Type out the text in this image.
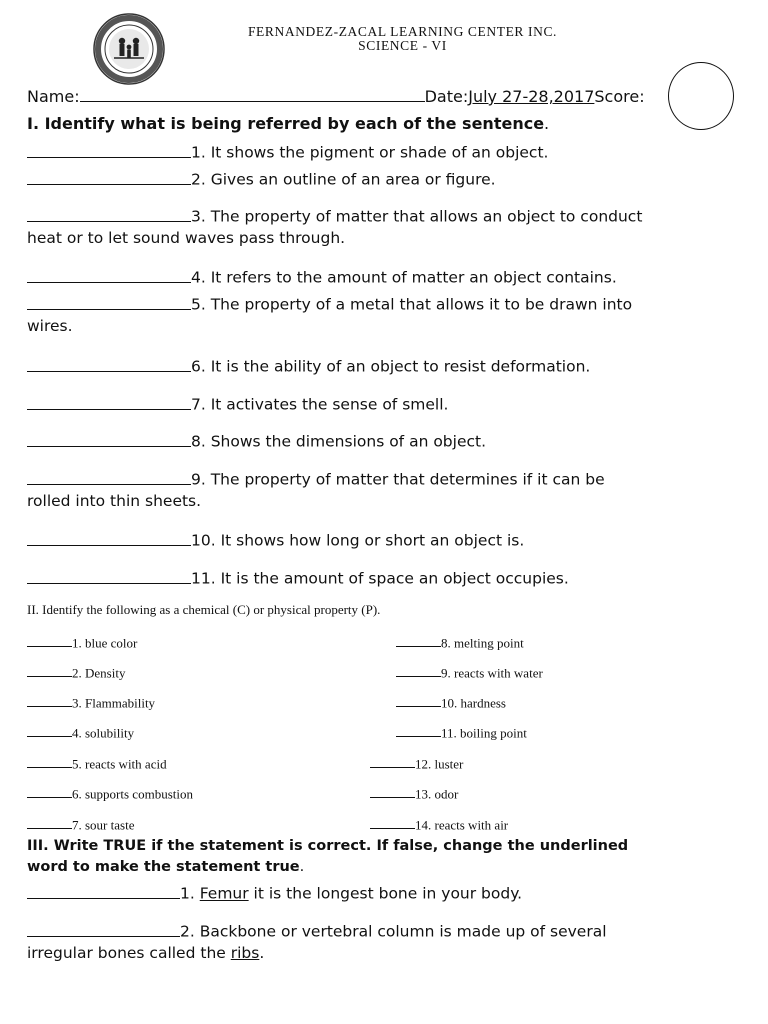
FERNANDEZ-ZACAL LEARNING CENTER INC.
SCIENCE - VI
Name:	Date:July 27-28,2017Score:
I. Identify what is being referred by each of the sentence.
1. It shows the pigment or shade of an object.
2. Gives an outline of an area or figure.
3. The property of matter that allows an object to conduct
heat or to let sound waves pass through.
4. It refers to the amount of matter an object contains.
5. The property of a metal that allows it to be drawn into
wires.
6. It is the ability of an object to resist deformation.
7. It activates the sense of smell.
8. Shows the dimensions of an object.
9. The property of matter that determines if it can be
rolled into thin sheets.
10. It shows how long or short an object is.
11. It is the amount of space an object occupies.
II. Identify the following as a chemical (C) or physical property (P).
1. blue color
2. Density
3. Flammability
4. solubility
5. reacts with acid
6. supports combustion
7. sour taste
8. melting point
9. reacts with water
10. hardness
11. boiling point
12. luster
13. odor
14. reacts with air
III. Write TRUE if the statement is correct. If false, change the underlined
word to make the statement true.
1. Femur it is the longest bone in your body.
2. Backbone or vertebral column is made up of several
irregular bones called the ribs.
